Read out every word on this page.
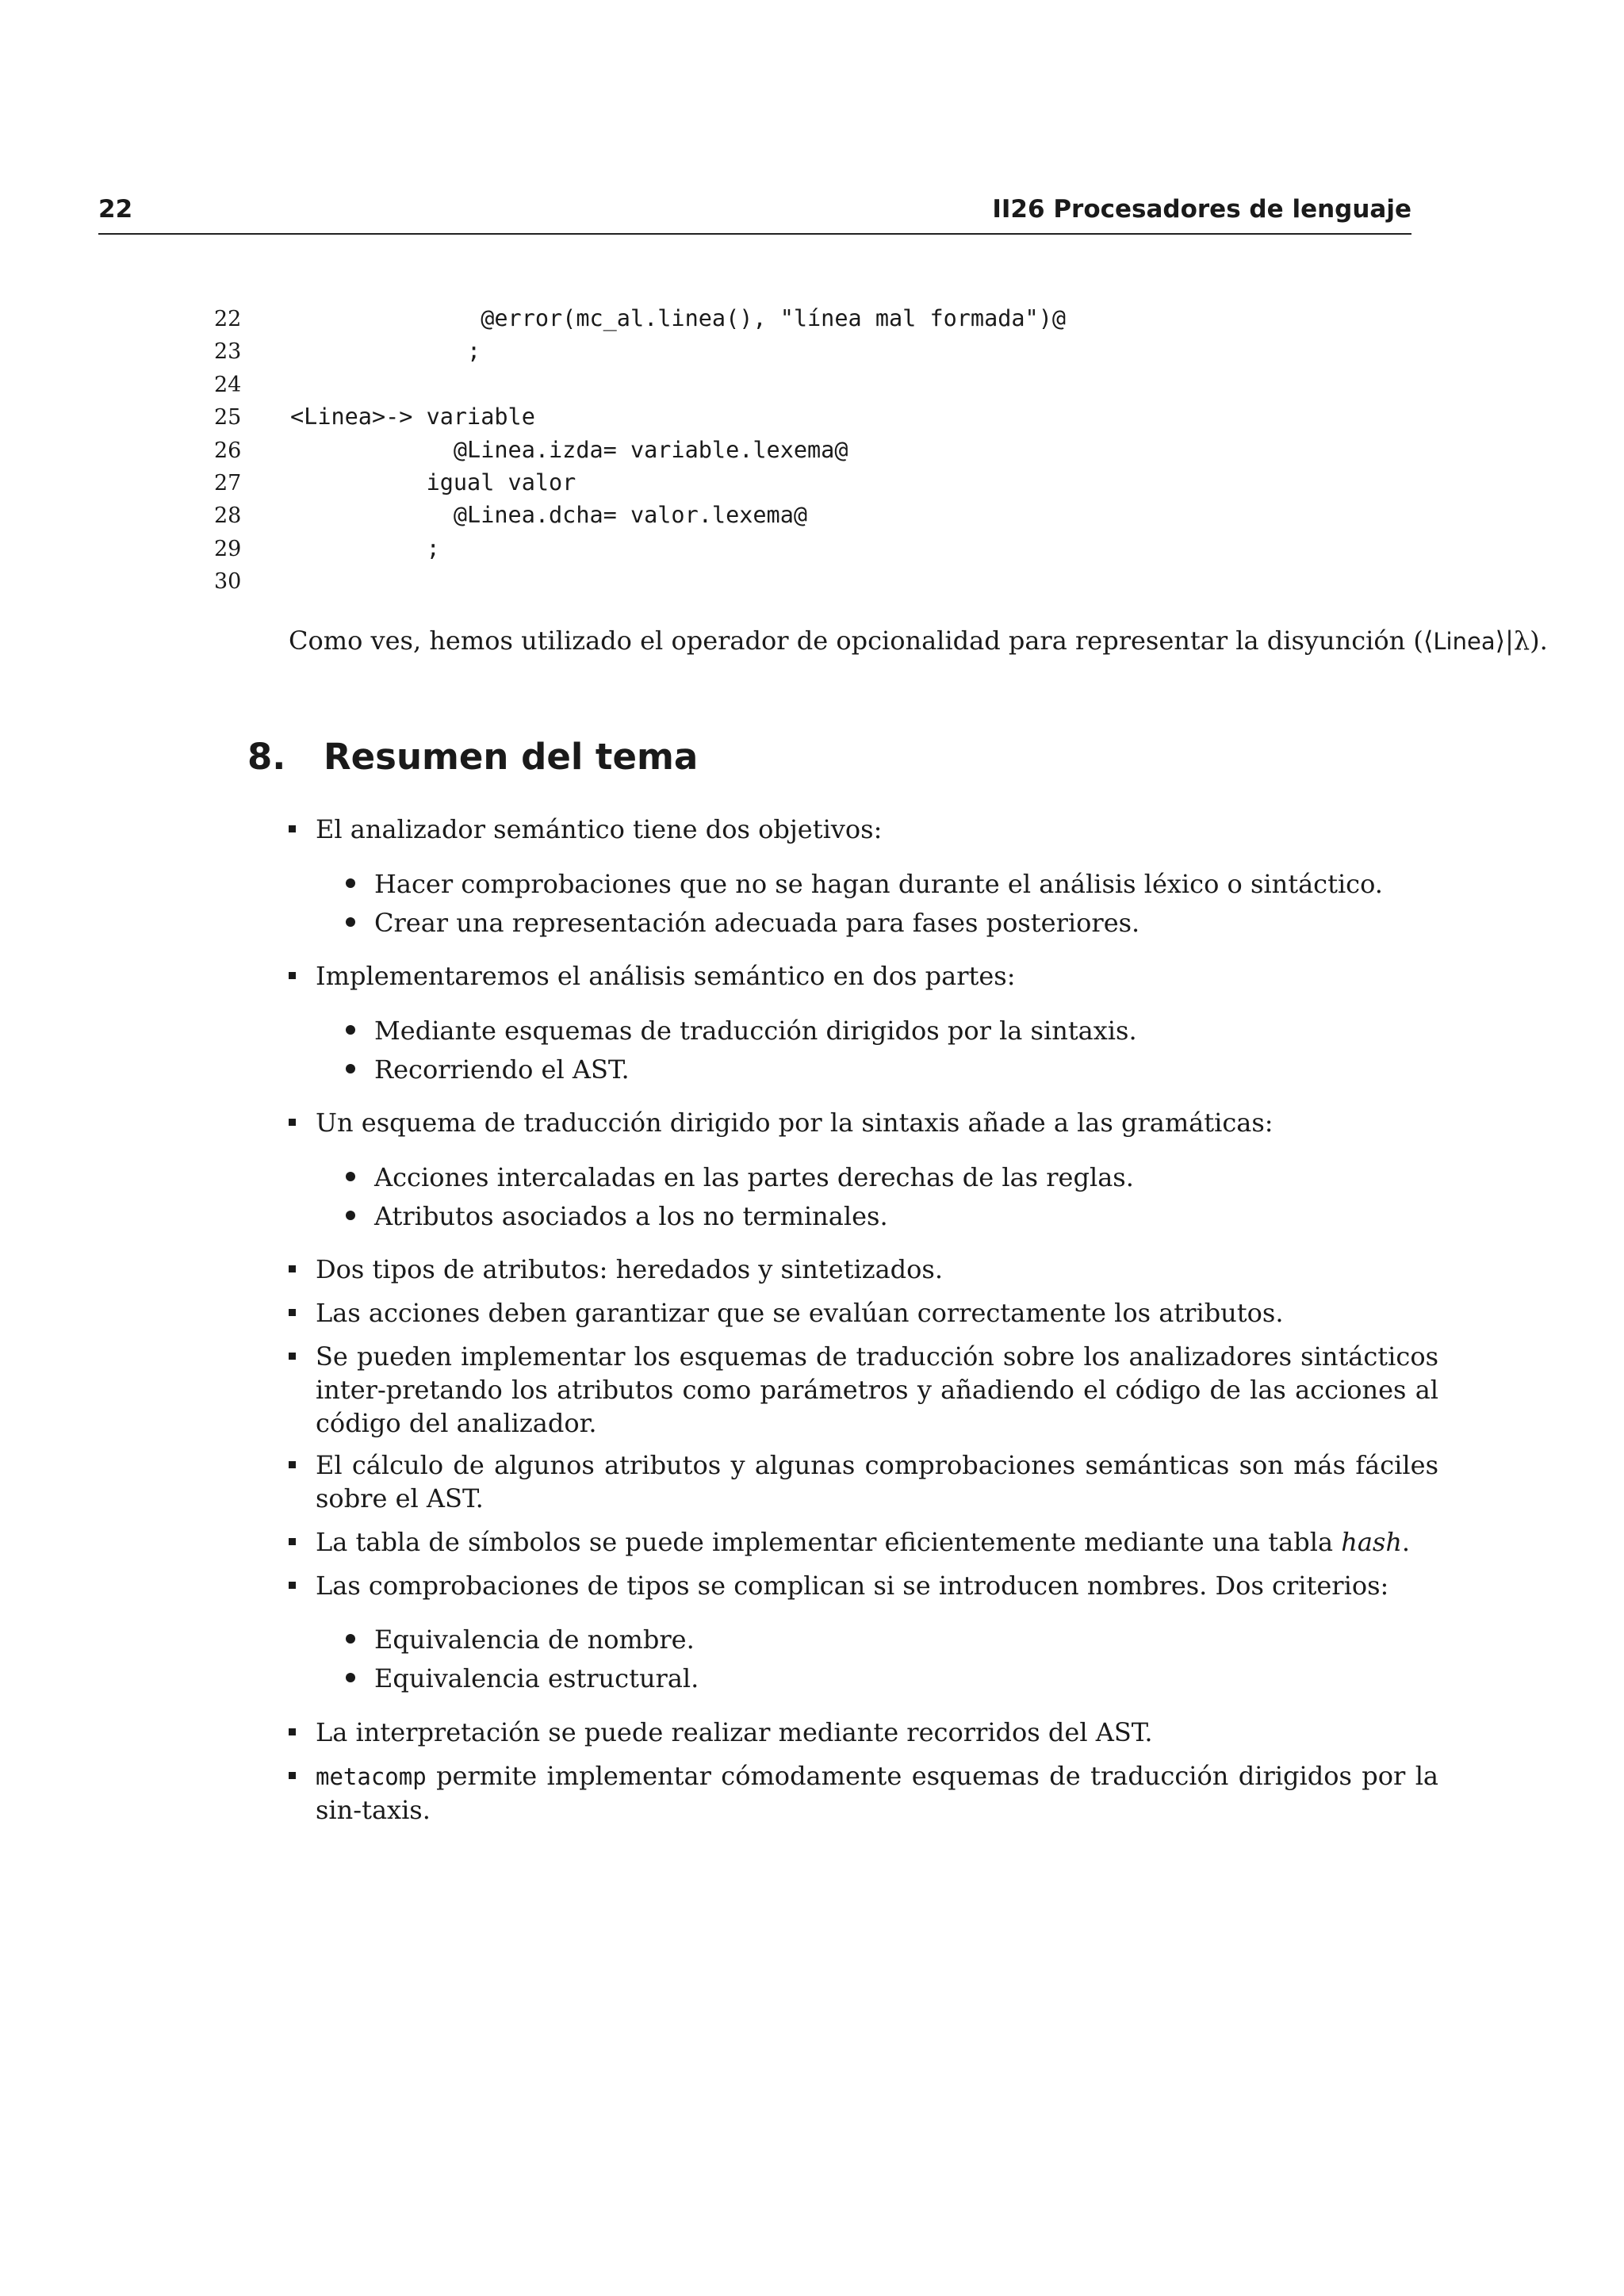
22	II26 Procesadores de lenguaje
22              @error(mc_al.linea(), "línea mal formada")@
23             ;
24
25 <Linea>-> variable
26            @Linea.izda= variable.lexema@
27          igual valor
28            @Linea.dcha= valor.lexema@
29          ;
30
Como ves, hemos utilizado el operador de opcionalidad para representar la disyunción (⟨Linea⟩|λ).
8. Resumen del tema
El analizador semántico tiene dos objetivos:
Hacer comprobaciones que no se hagan durante el análisis léxico o sintáctico.
Crear una representación adecuada para fases posteriores.
Implementaremos el análisis semántico en dos partes:
Mediante esquemas de traducción dirigidos por la sintaxis.
Recorriendo el AST.
Un esquema de traducción dirigido por la sintaxis añade a las gramáticas:
Acciones intercaladas en las partes derechas de las reglas.
Atributos asociados a los no terminales.
Dos tipos de atributos: heredados y sintetizados.
Las acciones deben garantizar que se evalúan correctamente los atributos.
Se pueden implementar los esquemas de traducción sobre los analizadores sintácticos inter-pretando los atributos como parámetros y añadiendo el código de las acciones al código del analizador.
El cálculo de algunos atributos y algunas comprobaciones semánticas son más fáciles sobre el AST.
La tabla de símbolos se puede implementar eficientemente mediante una tabla hash.
Las comprobaciones de tipos se complican si se introducen nombres. Dos criterios:
Equivalencia de nombre.
Equivalencia estructural.
La interpretación se puede realizar mediante recorridos del AST.
metacomp permite implementar cómodamente esquemas de traducción dirigidos por la sin-taxis.
